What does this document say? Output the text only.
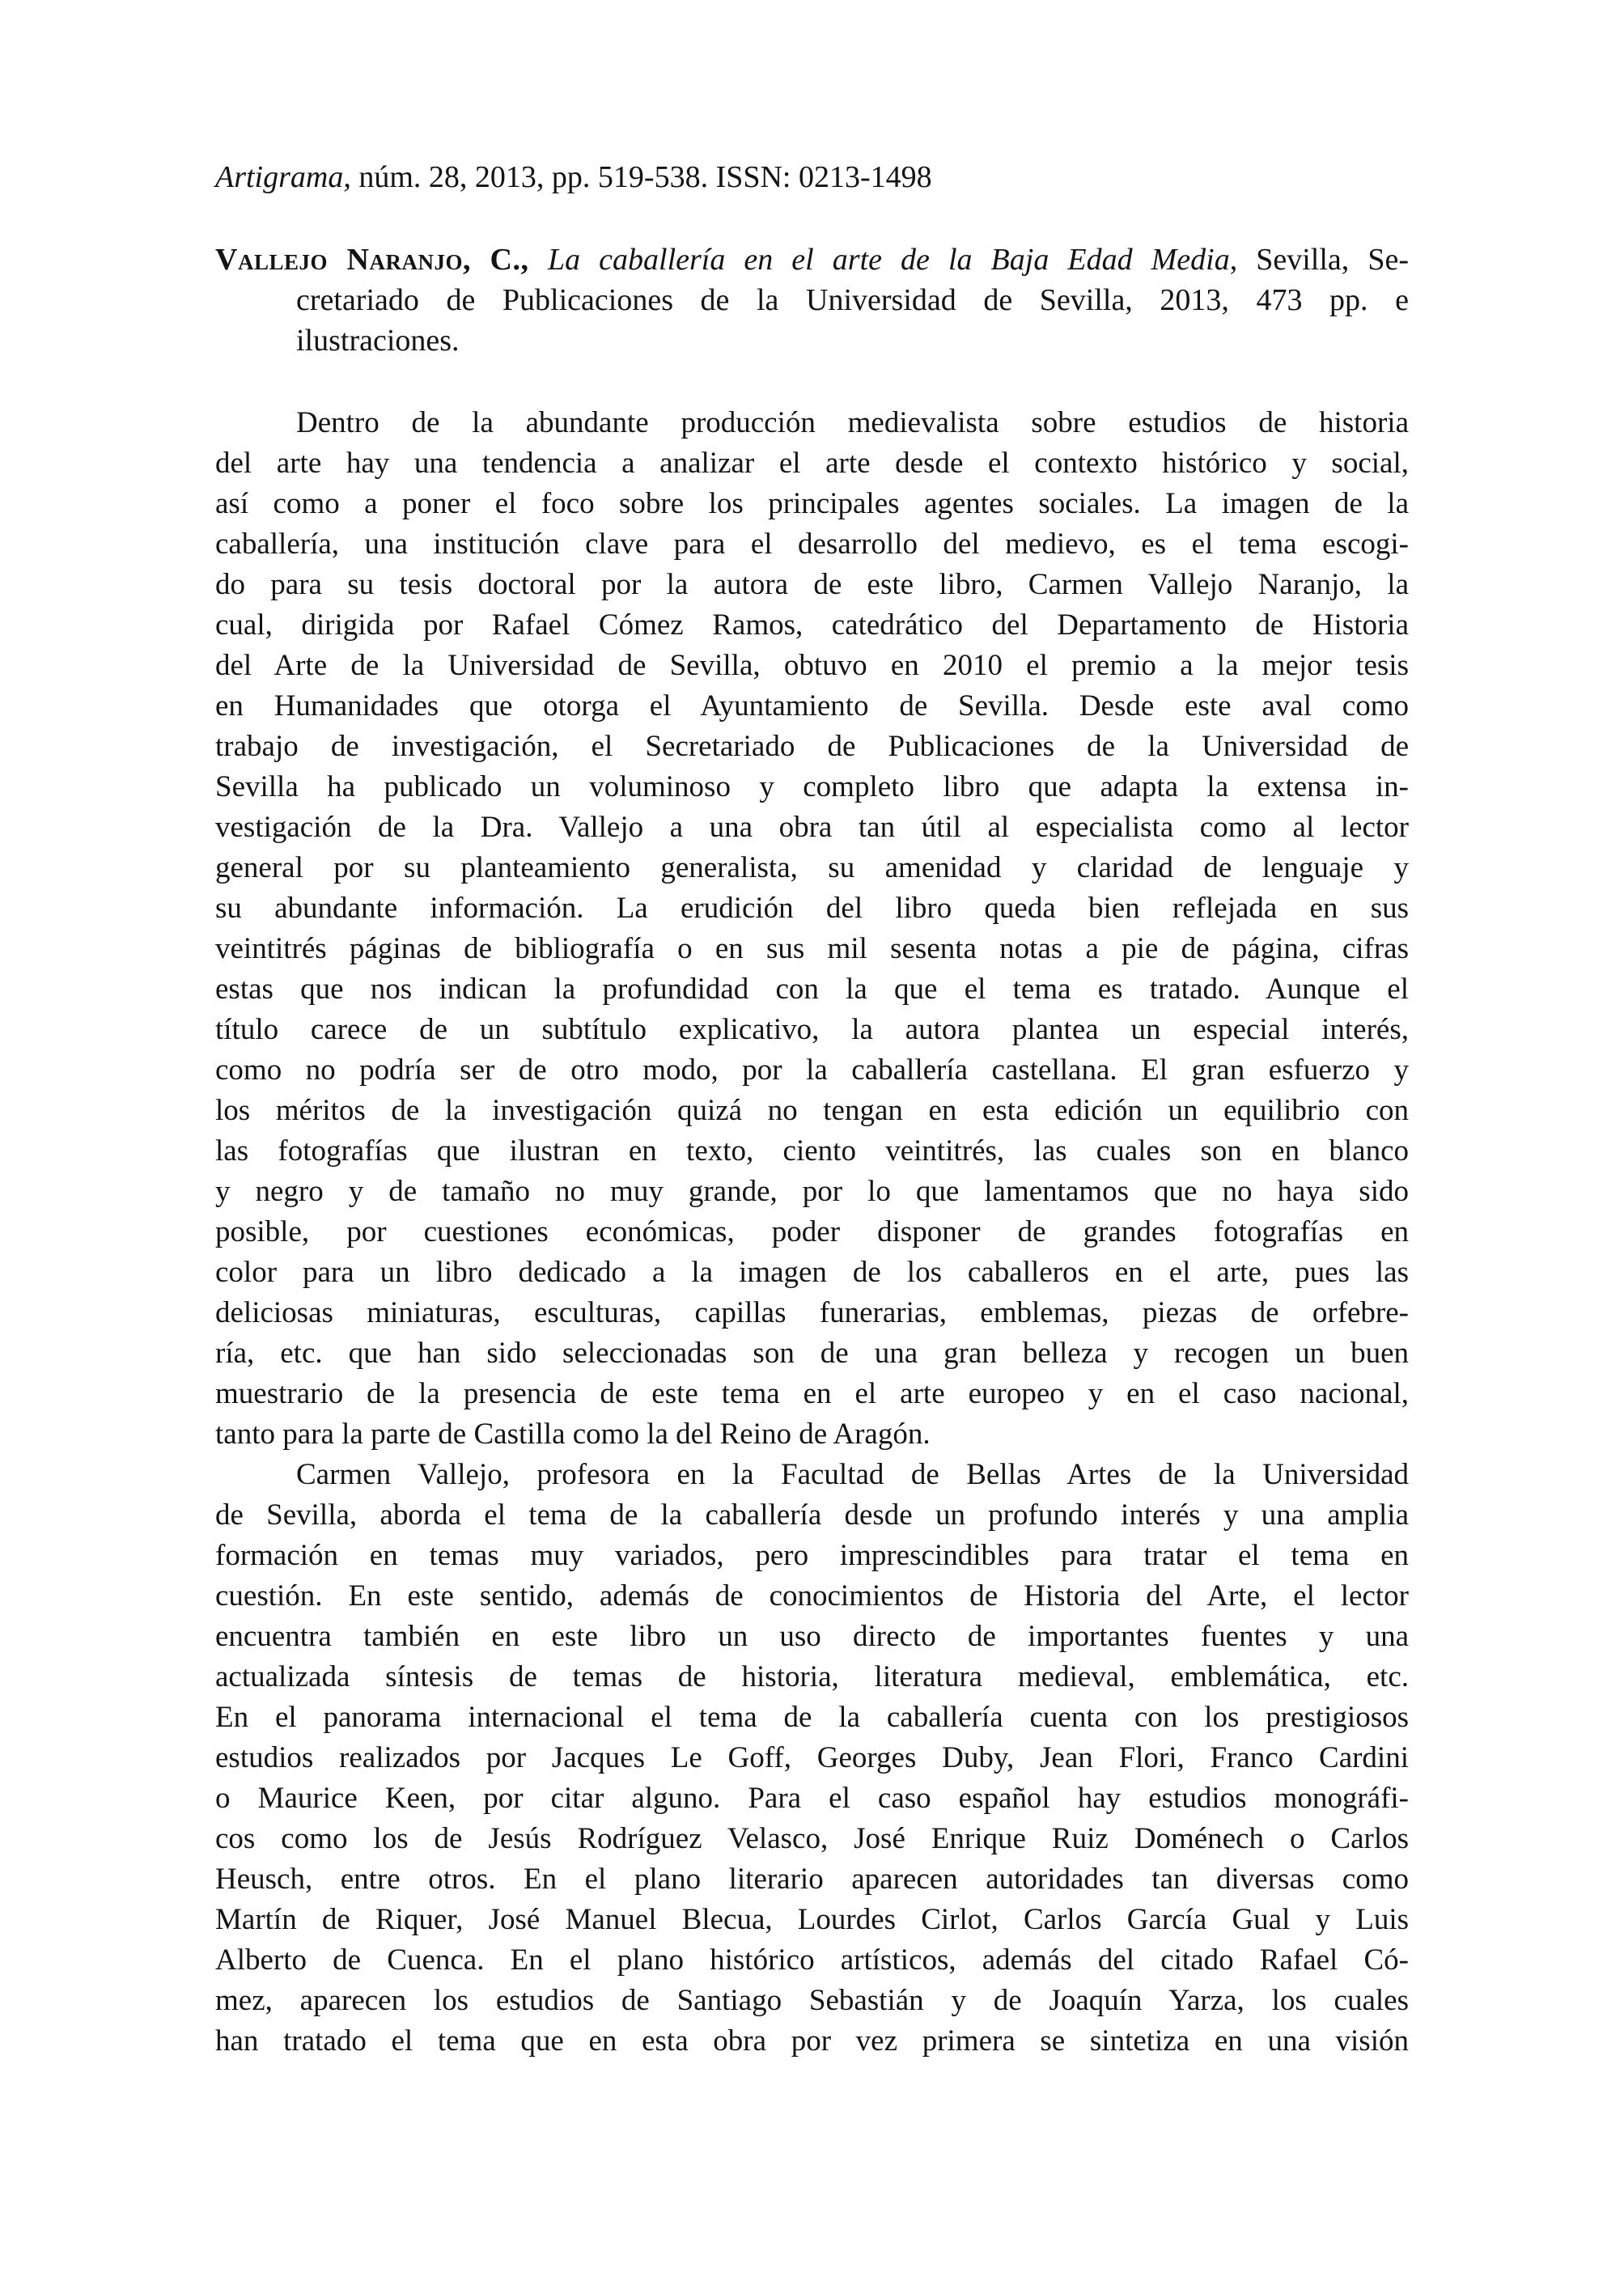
Artigrama, núm. 28, 2013, pp. 519-538. ISSN: 0213-1498
Vallejo Naranjo, C., La caballería en el arte de la Baja Edad Media, Sevilla, Se-
cretariado de Publicaciones de la Universidad de Sevilla, 2013, 473 pp. e
ilustraciones.
Dentro de la abundante producción medievalista sobre estudios de historia
del arte hay una tendencia a analizar el arte desde el contexto histórico y social,
así como a poner el foco sobre los principales agentes sociales. La imagen de la
caballería, una institución clave para el desarrollo del medievo, es el tema escogi-
do para su tesis doctoral por la autora de este libro, Carmen Vallejo Naranjo, la
cual, dirigida por Rafael Cómez Ramos, catedrático del Departamento de Historia
del Arte de la Universidad de Sevilla, obtuvo en 2010 el premio a la mejor tesis
en Humanidades que otorga el Ayuntamiento de Sevilla. Desde este aval como
trabajo de investigación, el Secretariado de Publicaciones de la Universidad de
Sevilla ha publicado un voluminoso y completo libro que adapta la extensa in-
vestigación de la Dra. Vallejo a una obra tan útil al especialista como al lector
general por su planteamiento generalista, su amenidad y claridad de lenguaje y
su abundante información. La erudición del libro queda bien reflejada en sus
veintitrés páginas de bibliografía o en sus mil sesenta notas a pie de página, cifras
estas que nos indican la profundidad con la que el tema es tratado. Aunque el
título carece de un subtítulo explicativo, la autora plantea un especial interés,
como no podría ser de otro modo, por la caballería castellana. El gran esfuerzo y
los méritos de la investigación quizá no tengan en esta edición un equilibrio con
las fotografías que ilustran en texto, ciento veintitrés, las cuales son en blanco
y negro y de tamaño no muy grande, por lo que lamentamos que no haya sido
posible, por cuestiones económicas, poder disponer de grandes fotografías en
color para un libro dedicado a la imagen de los caballeros en el arte, pues las
deliciosas miniaturas, esculturas, capillas funerarias, emblemas, piezas de orfebre-
ría, etc. que han sido seleccionadas son de una gran belleza y recogen un buen
muestrario de la presencia de este tema en el arte europeo y en el caso nacional,
tanto para la parte de Castilla como la del Reino de Aragón.
Carmen Vallejo, profesora en la Facultad de Bellas Artes de la Universidad
de Sevilla, aborda el tema de la caballería desde un profundo interés y una amplia
formación en temas muy variados, pero imprescindibles para tratar el tema en
cuestión. En este sentido, además de conocimientos de Historia del Arte, el lector
encuentra también en este libro un uso directo de importantes fuentes y una
actualizada síntesis de temas de historia, literatura medieval, emblemática, etc.
En el panorama internacional el tema de la caballería cuenta con los prestigiosos
estudios realizados por Jacques Le Goff, Georges Duby, Jean Flori, Franco Cardini
o Maurice Keen, por citar alguno. Para el caso español hay estudios monográfi-
cos como los de Jesús Rodríguez Velasco, José Enrique Ruiz Doménech o Carlos
Heusch, entre otros. En el plano literario aparecen autoridades tan diversas como
Martín de Riquer, José Manuel Blecua, Lourdes Cirlot, Carlos García Gual y Luis
Alberto de Cuenca. En el plano histórico artísticos, además del citado Rafael Có-
mez, aparecen los estudios de Santiago Sebastián y de Joaquín Yarza, los cuales
han tratado el tema que en esta obra por vez primera se sintetiza en una visión
